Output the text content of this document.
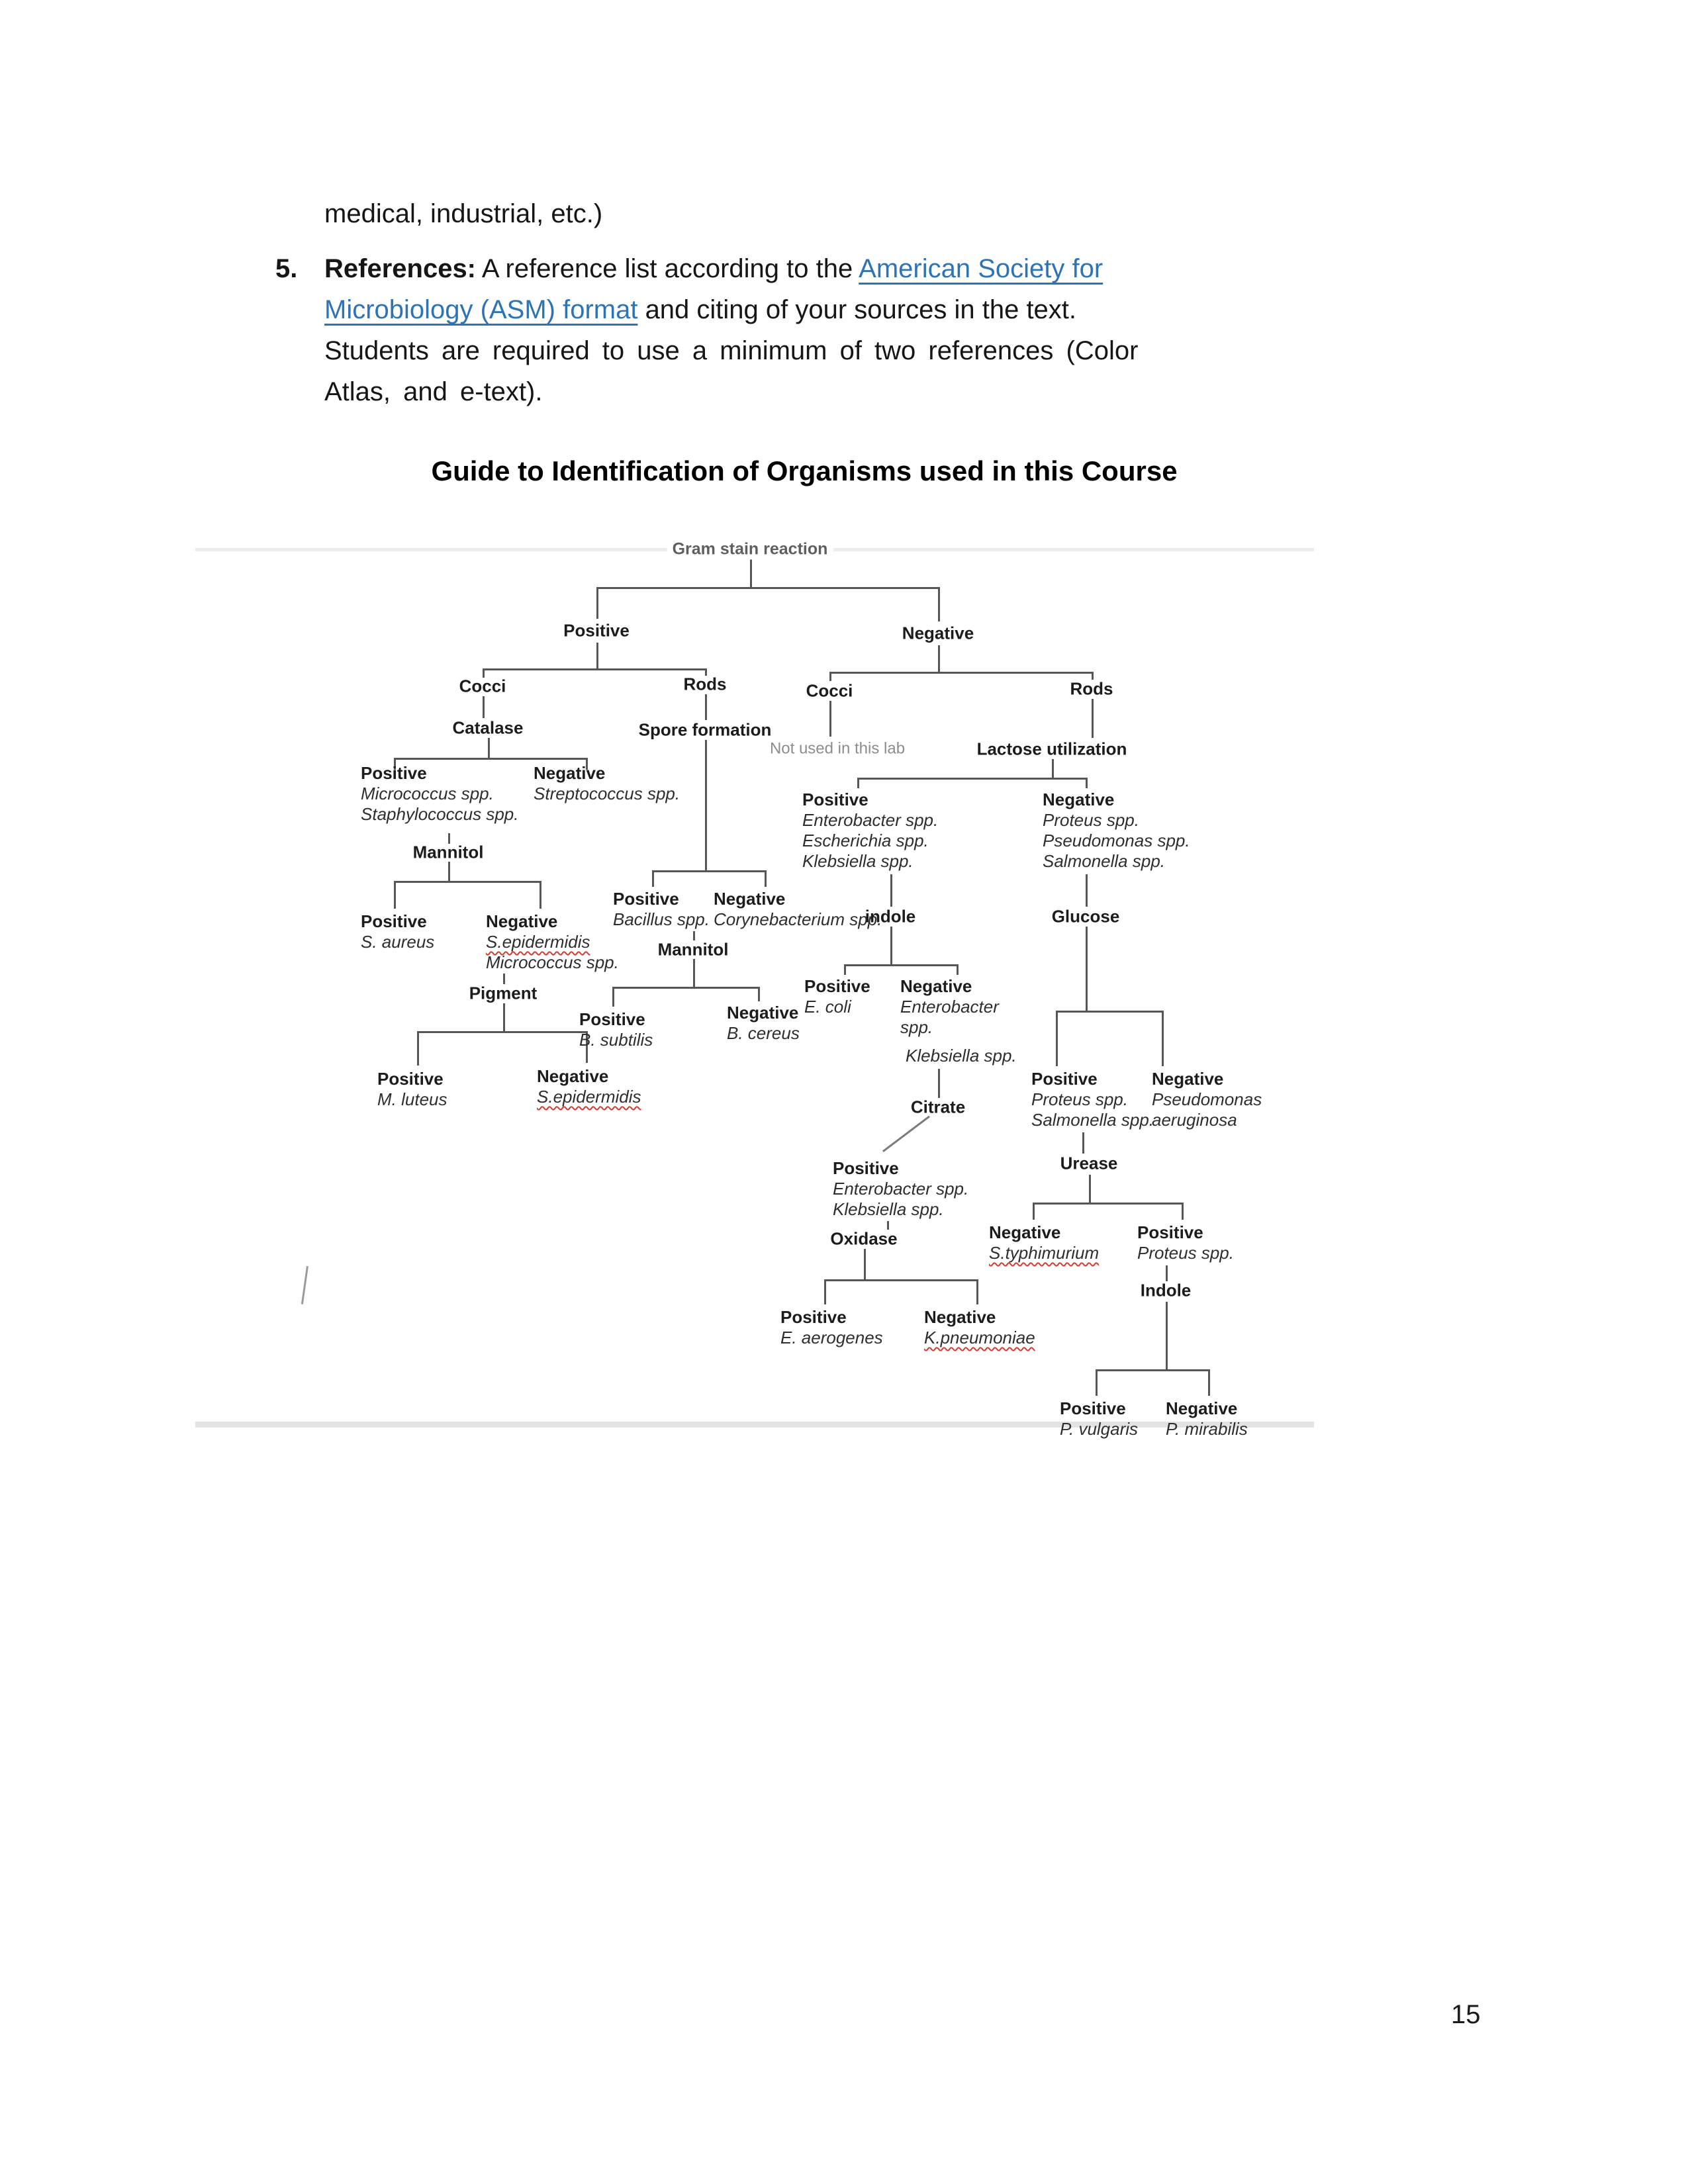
medical, industrial, etc.)
5. References: A reference list according to the American Society for
Microbiology (ASM) format and citing of your sources in the text.
Students are required to use a minimum of two references (Color
Atlas, and e-text).
Guide to Identification of Organisms used in this Course
Gram stain reaction
Positive	Negative
Cocci	Rods	Cocci	Rods
Catalase	Spore formation
Not used in this lab	Lactose utilization
Positive
Micrococcus spp.
Staphylococcus spp.
Negative
Streptococcus spp.
Mannitol
Positive
Enterobacter spp.
Escherichia spp.
Klebsiella spp.
Negative
Proteus spp.
Pseudomonas spp.
Salmonella spp.
Positive
S. aureus
Negative
S.epidermidis
Micrococcus spp.
Positive
Bacillus spp.
Negative
Corynebacterium spp.
indole
Mannitol
Pigment	Positive
E. coli
Negative
Enterobacter
spp.
Klebsiella spp.
Glucose
Positive
B. subtilis
Negative
B. cereus
Positive
M. luteus
Negative
S.epidermidis
Citrate
Positive
Proteus spp.
Salmonella spp.
Negative
Pseudomonas
aeruginosa
Positive
Enterobacter spp.
Klebsiella spp.
Urease
Oxidase	Negative
S.typhimurium
Positive
Proteus spp.
Positive
E. aerogenes
Negative
K.pneumoniae
Indole
Positive
P. vulgaris
Negative
P. mirabilis
15
